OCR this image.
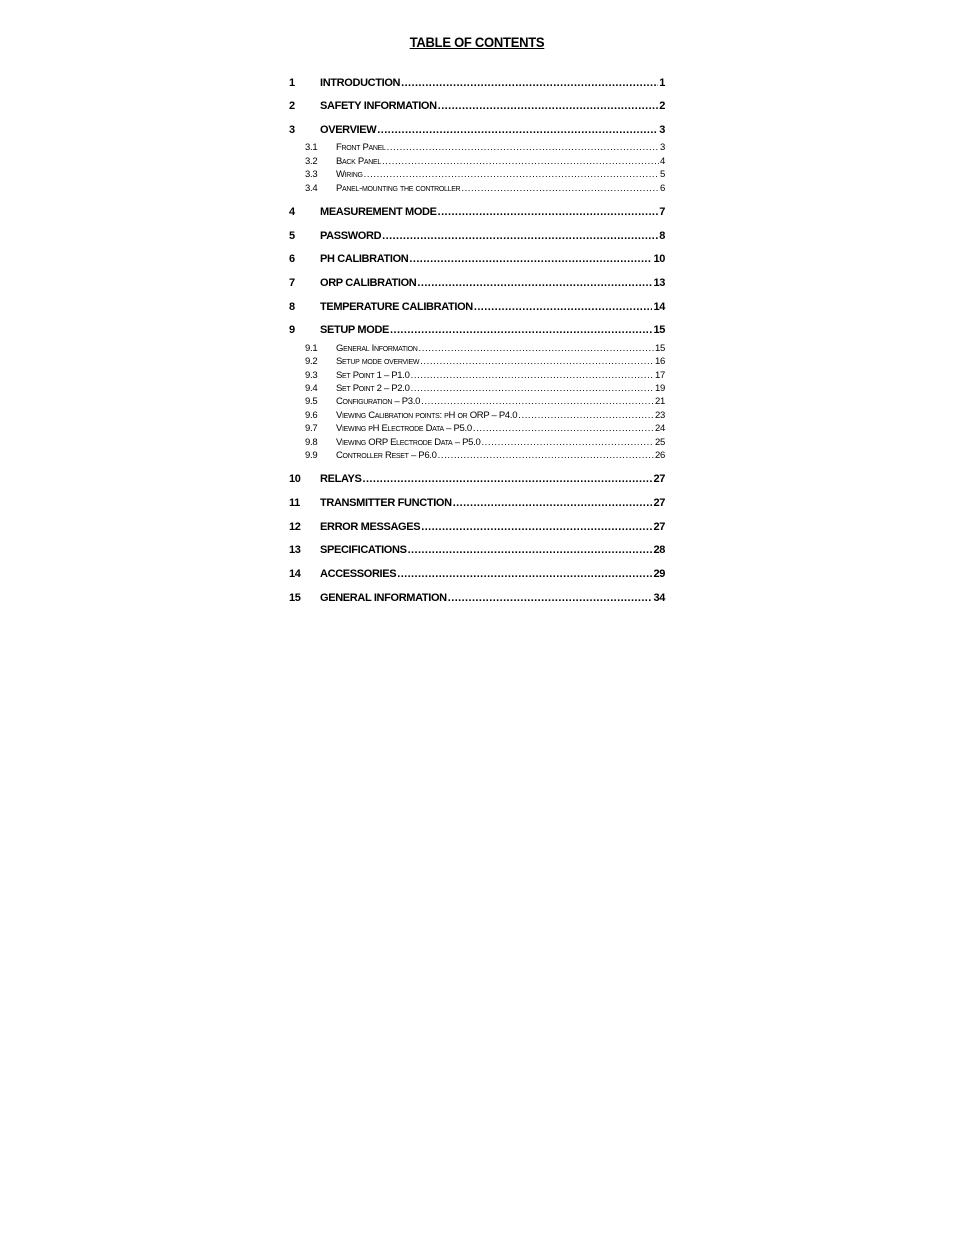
TABLE OF CONTENTS
1	INTRODUCTION .....	1
2	SAFETY INFORMATION .....	2
3	OVERVIEW .....	3
3.1	Front Panel .....	3
3.2	Back Panel .....	4
3.3	Wiring .....	5
3.4	Panel-mounting the controller .....	6
4	MEASUREMENT MODE .....	7
5	PASSWORD .....	8
6	PH CALIBRATION .....	10
7	ORP CALIBRATION .....	13
8	TEMPERATURE CALIBRATION .....	14
9	SETUP MODE .....	15
9.1	General Information .....	15
9.2	Setup mode overview .....	16
9.3	Set Point 1 – P1.0 .....	17
9.4	Set Point 2 – P2.0 .....	19
9.5	Configuration – P3.0 .....	21
9.6	Viewing Calibration points: pH or ORP – P4.0 .....	23
9.7	Viewing pH Electrode Data – P5.0 .....	24
9.8	Viewing ORP Electrode Data – P5.0 .....	25
9.9	Controller Reset – P6.0 .....	26
10	RELAYS .....	27
11	TRANSMITTER FUNCTION .....	27
12	ERROR MESSAGES .....	27
13	SPECIFICATIONS .....	28
14	ACCESSORIES .....	29
15	GENERAL INFORMATION .....	34
